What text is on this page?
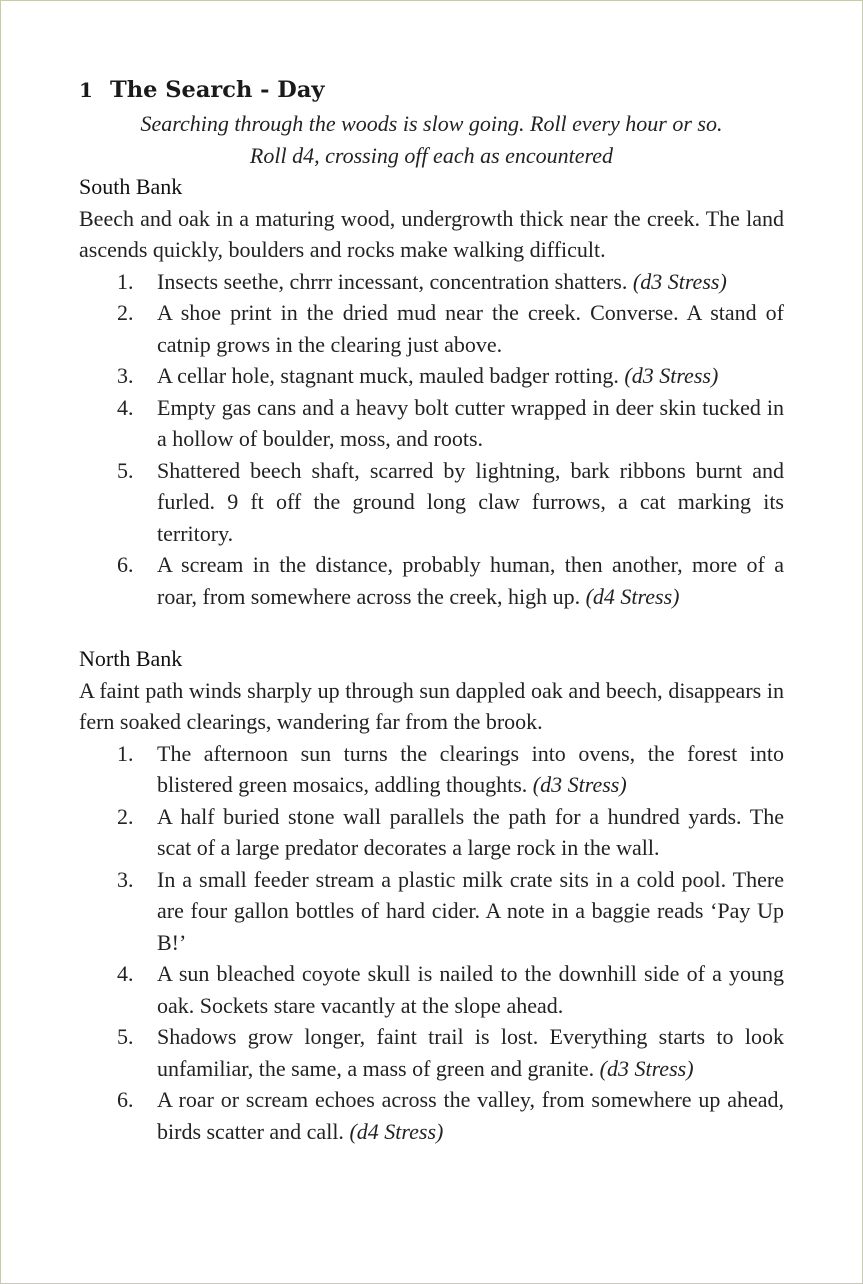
1 The Search - Day

Searching through the woods is slow going. Roll every hour or so.

Roll d4, crossing off each as encountered

South Bank

Beech and oak in a maturing wood, undergrowth thick near the creek. The land ascends quickly, boulders and rocks make walking difficult.

1. Insects seethe, chrrr incessant, concentration shatters. (d3 Stress)
2. A shoe print in the dried mud near the creek. Converse. A stand of catnip grows in the clearing just above.
3. A cellar hole, stagnant muck, mauled badger rotting. (d3 Stress)
4. Empty gas cans and a heavy bolt cutter wrapped in deer skin tucked in a hollow of boulder, moss, and roots.
5. Shattered beech shaft, scarred by lightning, bark ribbons burnt and furled. 9 ft off the ground long claw furrows, a cat marking its territory.
6. A scream in the distance, probably human, then another, more of a roar, from somewhere across the creek, high up. (d4 Stress)

North Bank

A faint path winds sharply up through sun dappled oak and beech, disappears in fern soaked clearings, wandering far from the brook.

1. The afternoon sun turns the clearings into ovens, the forest into blistered green mosaics, addling thoughts. (d3 Stress)
2. A half buried stone wall parallels the path for a hundred yards. The scat of a large predator decorates a large rock in the wall.
3. In a small feeder stream a plastic milk crate sits in a cold pool. There are four gallon bottles of hard cider. A note in a baggie reads ‘Pay Up B!’
4. A sun bleached coyote skull is nailed to the downhill side of a young oak. Sockets stare vacantly at the slope ahead.
5. Shadows grow longer, faint trail is lost. Everything starts to look unfamiliar, the same, a mass of green and granite. (d3 Stress)
6. A roar or scream echoes across the valley, from somewhere up ahead, birds scatter and call. (d4 Stress)
